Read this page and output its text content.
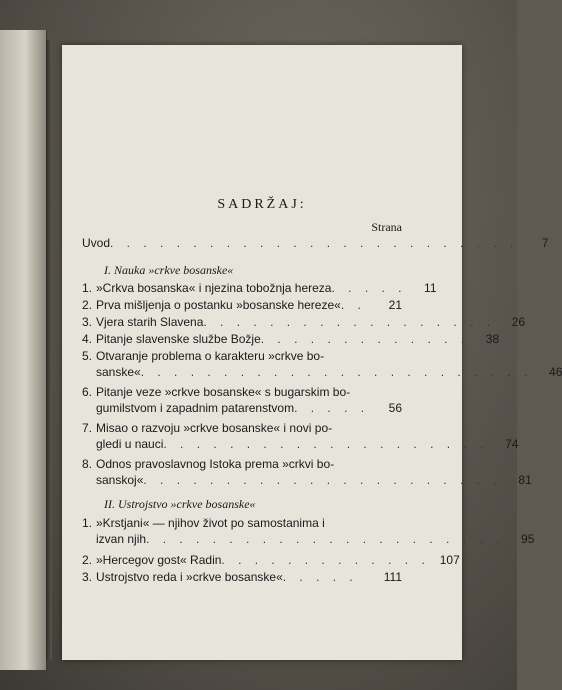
SADRŽAJ:
Strana
Uvod . . . . . . . . . . . . . . . . . . . . . . . . .	7
I. Nauka »crkve bosanske«
1. »Crkva bosanska« i njezina tobožnja hereza . . . . .	11
2. Prva mišljenja o postanku »bosanske hereze« . .	21
3. Vjera starih Slavena . . . . . . . . . . . . . . . . . .	26
4. Pitanje slavenske službe Božje . . . . . . . . . . . . .	38
5. Otvaranje problema o karakteru »crkve bo-
sanske« . . . . . . . . . . . . . . . . . . . . . . . .	46
6. Pitanje veze »crkve bosanske« s bugarskim bo-
gumilstvom i zapadnim patarenstvom . . . . .	56
7. Misao o razvoju »crkve bosanske« i novi po-
gledi u nauci . . . . . . . . . . . . . . . . . . . .	74
8. Odnos pravoslavnog Istoka prema »crkvi bo-
sanskoj« . . . . . . . . . . . . . . . . . . . . . .	81
II. Ustrojstvo »crkve bosanske«
1. »Krstjani« — njihov život po samostanima i
izvan njih . . . . . . . . . . . . . . . . . . . . . .	95
2. »Hercegov gost« Radin . . . . . . . . . . . . . 107
3. Ustrojstvo reda i »crkve bosanske« . . . . .	111
